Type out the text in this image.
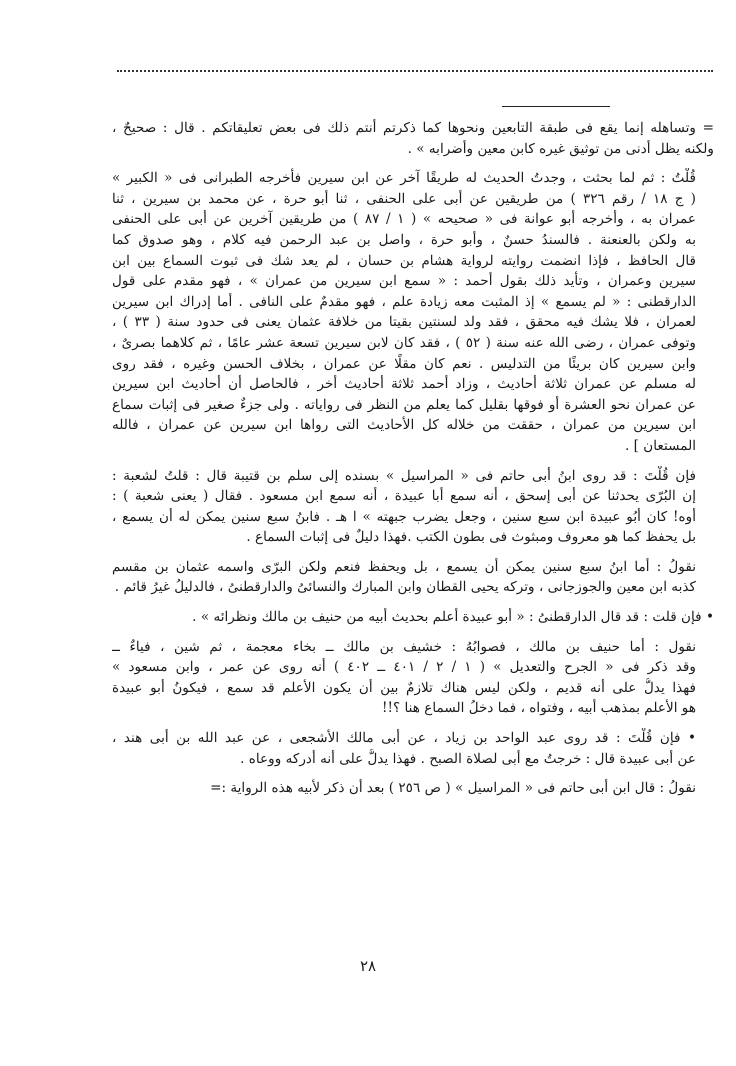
= وتساهله إنما يقع فى طبقة التابعين ونحوها كما ذكرتم أنتم ذلك فى بعض تعليقاتكم . قال : صحيحٌ ،
ولكنه يظل أدنى من توثيق غيره كابن معين وأضرابه » .
قُلْتُ : ثم لما بحثت ، وجدتُ الحديث له طريقًا آخر عن ابن سيرين فأخرجه الطبرانى فى « الكبير »
( ج ١٨ / رقم ٣٢٦ ) من طريقين عن أبى على الحنفى ، ثنا أبو حرة ، عن محمد بن سيرين ، ثنا
عمران به ، وأخرجه أبو عوانة فى « صحيحه » ( ١ / ٨٧ ) من طريقين آخرين عن أبى على الحنفى
به ولكن بالعنعنة . فالسندُ حسنٌ ، وأبو حرة ، واصل بن عبد الرحمن فيه كلام ، وهو صدوق كما
قال الحافظ ، فإذا انضمت روايته لرواية هشام بن حسان ، لم يعد شك فى ثبوت السماع بين ابن
سيرين وعمران ، وتأيد ذلك بقول أحمد : « سمع ابن سيرين من عمران » ، فهو مقدم على قول
الدارقطنى : « لم يسمع » إذ المثبت معه زيادة علم ، فهو مقدمٌ على النافى . أما إدراك ابن سيرين
لعمران ، فلا يشك فيه محقق ، فقد ولد لسنتين بقيتا من خلافة عثمان يعنى فى حدود سنة ( ٣٣ ) ،
وتوفى عمران ، رضى الله عنه سنة ( ٥٢ ) ، فقد كان لابن سيرين تسعة عشر عامًا ، ثم كلاهما بصرىٌ ،
وابن سيرين كان بريئًا من التدليس . نعم كان مقلًا عن عمران ، بخلاف الحسن وغيره ، فقد روى
له مسلم عن عمران ثلاثة أحاديث ، وزاد أحمد ثلاثة أحاديث أخر ، فالحاصل أن أحاديث ابن سيرين
عن عمران نحو العشرة أو فوقها بقليل كما يعلم من النظر فى رواياته . ولى جزءٌ صغير فى إثبات سماع
ابن سيرين من عمران ، حققت من خلاله كل الأحاديث التى رواها ابن سيرين عن عمران ، فالله
المستعان ] .
فإن قُلْتَ : قد روى ابنُ أبى حاتم فى « المراسيل » بسنده إلى سلم بن قتيبة قال : قلتُ لشعبة :
إن البُرّى يحدثنا عن أبى إسحق ، أنه سمع أبا عبيدة ، أنه سمع ابن مسعود . فقال ( يعنى شعبة ) :
أوه! كان أبُو عبيدة ابن سبع سنين ، وجعل يضرب جبهته » ا هـ . فابنُ سبع سنين يمكن له أن يسمع ،
بل يحفظ كما هو معروف ومبثوث فى بطون الكتب .فهذا دليلٌ فى إثبات السماع .
نقولُ : أما ابنُ سبع سنين يمكن أن يسمع ، بل ويحفظ فنعم ولكن البرّى واسمه عثمان بن مقسم
كذبه ابن معين والجوزجانى ، وتركه يحيى القطان وابن المبارك والنسائىُ والدارقطنىُ ، فالدليلُ غيرُ قائم .
• فإن قلت : قد قال الدارقطنىُ : « أبو عبيدة أعلم بحديث أبيه من حنيف بن مالك ونظرائه » .
نقول : أما حنيف بن مالك ، فصوابُهُ : خشيف بن مالك ــ بخاء معجمة ، ثم شين ، فياءٌ ــ
وقد ذكر فى « الجرح والتعديل » ( ١ / ٢ / ٤٠١ ــ ٤٠٢ ) أنه روى عن عمر ، وابن مسعود »
فهذا يدلُّ على أنه قديم ، ولكن ليس هناك تلازمٌ بين أن يكون الأعلم قد سمع ، فيكونُ أبو عبيدة
هو الأعلم بمذهب أبيه ، وفتواه ، فما دخلُ السماع هنا ؟!!
• فإن قُلْتَ : قد روى عبد الواحد بن زياد ، عن أبى مالك الأشجعى ، عن عبد الله بن أبى هند ،
عن أبى عبيدة قال : خرجتُ مع أبى لصلاة الصبح . فهذا يدلُّ على أنه أدركه ووعاه .
نقولُ : قال ابن أبى حاتم فى « المراسيل » ( ص ٢٥٦ ) بعد أن ذكر لأبيه هذه الرواية :=
٢٨
